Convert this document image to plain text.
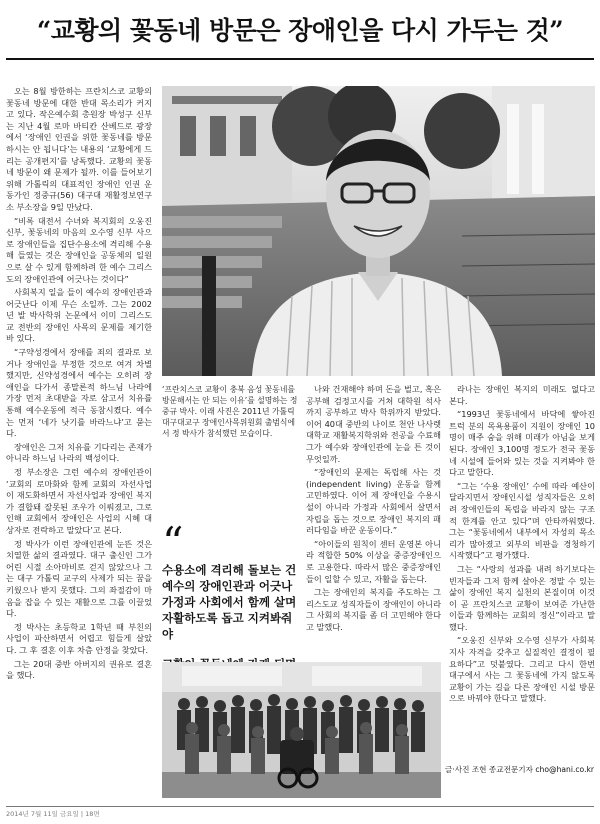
“교황의 꽃동네 방문은 장애인을 다시 가두는 것”

오는 8월 방한하는 프란치스코 교황의 꽃동네 방문에 대한 반대 목소리가 커지고 있다. 작은예수회 총원장 박성구 신부는 지난 4월 로마 바티칸 산베드로 광장에서 ‘장애인 인권을 위한 꽃동네를 방문하시는 안 됩니다’는 내용의 ‘교황에게 드리는 공개편지’를 낭독했다. 교황의 꽃동네 방문이 왜 문제가 될까. 이를 들어보기 위해 가톨릭의 대표적인 장애인 인권 운동가인 정중규(56) 대구대 재활정보연구소 부소장을 9일 만났다.

“비록 대전서 수녀와 복지회의 오웅진 신부, 꽃동네의 마음의 오수영 신부 사으로 장애인들을 집단수용소에 격리해 수용해 들였는 것은 장애인을 공동체의 일원으로 살 수 있게 함께하려 한 예수 그리스도의 장애인관에 어긋나는 것이다”

사회복지 일을 들이 예수의 장애인관과 어긋난다 이제 무슨 소일까. 그는 2002년 발 박사학위 논문에서 이미 그리스도교 전반의 장애인 사목의 문제를 제기한 바 있다.

“구약성경에서 장애를 죄의 결과로 보거나 장애인을 부정한 것으로 여겨 차별했지만, 신약성경에서 예수는 오히려 장애인을 다가서 종말론적 하느님 나라에 가장 먼저 초대받을 자로 삼고서 치유를 통해 예수운동에 적극 동참시켰다. 예수는 먼저 ‘네가 낫기를 바라느냐’고 묻는다.

장애인은 그저 치유를 기다리는 존재가 아니라 하느님 나라의 백성이다.

정 부소장은 그런 예수의 장애인관이 ‘교회의 로마화와 함께 교회의 자선사업이 재도화하면서 자선사업과 장애인 복지가 결합돼 잘못된 조우가 이뤄졌고, 그로 인해 교회에서 장애인은 사업의 시혜 대상자로 전락하고 말았다’고 본다.

정 박사가 이런 장애인관에 눈뜬 것은 치열한 삶의 결과였다. 대구 출신인 그가 어린 시절 소아마비로 걷지 않았으나 그는 대구 가톨릭 교구의 사제가 되는 꿈을 키웠으나 받지 못했다. 그의 좌절감이 마음을 잡을 수 있는 재활으로 그를 이끌었다.

정 박사는 초등학교 1학년 때 부친의 사업이 파산하면서 어렵고 힘들게 살았다. 그 후 결혼 이후 차츰 안정을 찾았다.

그는 20대 중반 아버지의 권유로 결혼을 했다.

‘프란치스코 교황이 충북 음성 꽃동네를 방문해서는 안 되는 이유’를 설명하는 정중규 박사. 이래 사진은 2011년 가톨릭 대구대교구 장애인사목위원회 출범식에서 정 박사가 참석했던 모습이다.
“
수용소에 격리해 돌보는 건 예수의 장애인관과 어긋나 가정과 사회에서 함께 살며 자활하도록 돕고 지켜봐줘야

나와 건재해야 하며 돈을 벌고, 혹은 공부해 검정고시를 거쳐 대학원 석사까지 공부하고 박사 학위까지 받았다. 이어 40대 중반의 나이로 천안 나사렛대학교 재활복지학위와 전공을 수료해 그가 예수와 장애인관에 눈을 튼 것이 무엇일까.

“장애인의 문제는 독립해 사는 것(independent living) 운동을 함께 고민하였다. 이어 제 장애인을 수용시설이 아니라 가정과 사회에서 살면서 자립을 돕는 것으로 장애인 복지의 패러다임을 바꾼 운동이다.”

“아이들의 원칙이 센터 운영본 아니라 적합한 50% 이상을 중증장애인으로 고용한다. 따라서 많은 중증장애인들이 일할 수 있고, 자활을 돕는다.

그는 장애인의 복지를 주도하는 그리스도교 성직자들이 장애인이 아니라 그 사회의 복지를 좀 더 고민해야 한다고 말했다.

라나는 장애인 복지의 미래도 없다고 본다.

“1993년 꽃동네에서 바닥에 쌓아진 트럭 분의 목욕용품이 지원이 장애인 10명이 매주 숨을 위해 미래가 아님을 보게 된다. 장애인 3,100명 정도가 전국 꽃동네 시설에 들어와 있는 것을 지켜봐야 한다고 말한다.

“그는 ‘수용 장애인’ 수에 따라 예산이 달라지면서 장애인시설 성직자들은 오히려 장애인들의 독립을 바라지 않는 구조적 한계를 안고 있다”며 안타까워했다. 그는 “꽃동네에서 내부에서 자성의 목소리가 많아졌고 외부의 비판을 경청하기 시작했다”고 평가했다.

그는 “사랑의 성과를 내려 하기보다는 빈자들과 그저 함께 살아온 정말 수 있는 삶이 장애인 복지 실천의 본질이며 이것이 곧 프란치스코 교황이 보여준 가난한 이들과 함께하는 교회의 정신”이라고 말했다.

“오웅진 신부와 오수영 신부가 사회복지사 자격을 갖추고 실질적인 결정이 필요하다”고 덧붙였다. 그리고 다시 한번 대구에서 사는 그 꽃동네에 가지 않도록 교황이 가는 길을 다른 장애인 시설 방문으로 바꿔야 한다고 말했다.

글·사진 조현 종교전문기자 cho@hani.co.kr
2014년 7월 11일 금요일 | 18면
